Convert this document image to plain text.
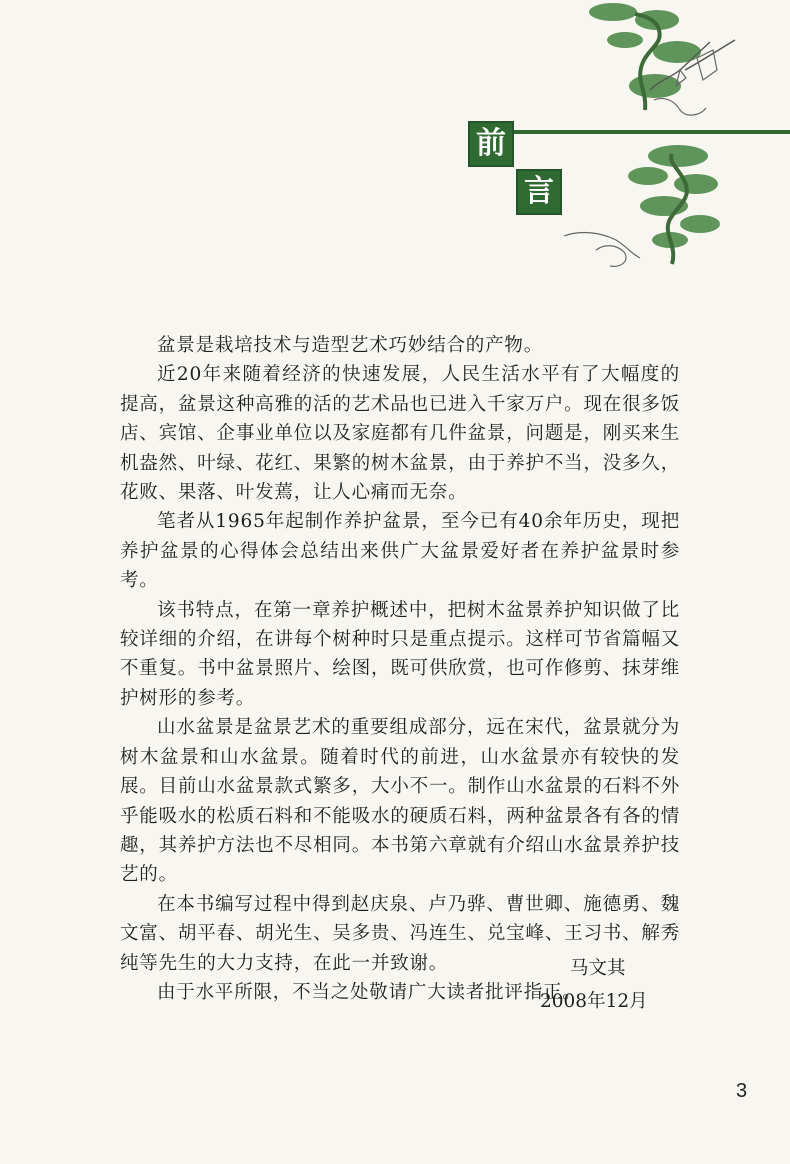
前
言

盆景是栽培技术与造型艺术巧妙结合的产物。

近20年来随着经济的快速发展，人民生活水平有了大幅度的提高，盆景这种高雅的活的艺术品也已进入千家万户。现在很多饭店、宾馆、企事业单位以及家庭都有几件盆景，问题是，刚买来生机盎然、叶绿、花红、果繁的树木盆景，由于养护不当，没多久，花败、果落、叶发蔫，让人心痛而无奈。

笔者从1965年起制作养护盆景，至今已有40余年历史，现把养护盆景的心得体会总结出来供广大盆景爱好者在养护盆景时参考。

该书特点，在第一章养护概述中，把树木盆景养护知识做了比较详细的介绍，在讲每个树种时只是重点提示。这样可节省篇幅又不重复。书中盆景照片、绘图，既可供欣赏，也可作修剪、抹芽维护树形的参考。

山水盆景是盆景艺术的重要组成部分，远在宋代，盆景就分为树木盆景和山水盆景。随着时代的前进，山水盆景亦有较快的发展。目前山水盆景款式繁多，大小不一。制作山水盆景的石料不外乎能吸水的松质石料和不能吸水的硬质石料，两种盆景各有各的情趣，其养护方法也不尽相同。本书第六章就有介绍山水盆景养护技艺的。

在本书编写过程中得到赵庆泉、卢乃骅、曹世卿、施德勇、魏文富、胡平春、胡光生、吴多贵、冯连生、兑宝峰、王习书、解秀纯等先生的大力支持，在此一并致谢。

由于水平所限，不当之处敬请广大读者批评指正。

马文其
2008年12月
3
